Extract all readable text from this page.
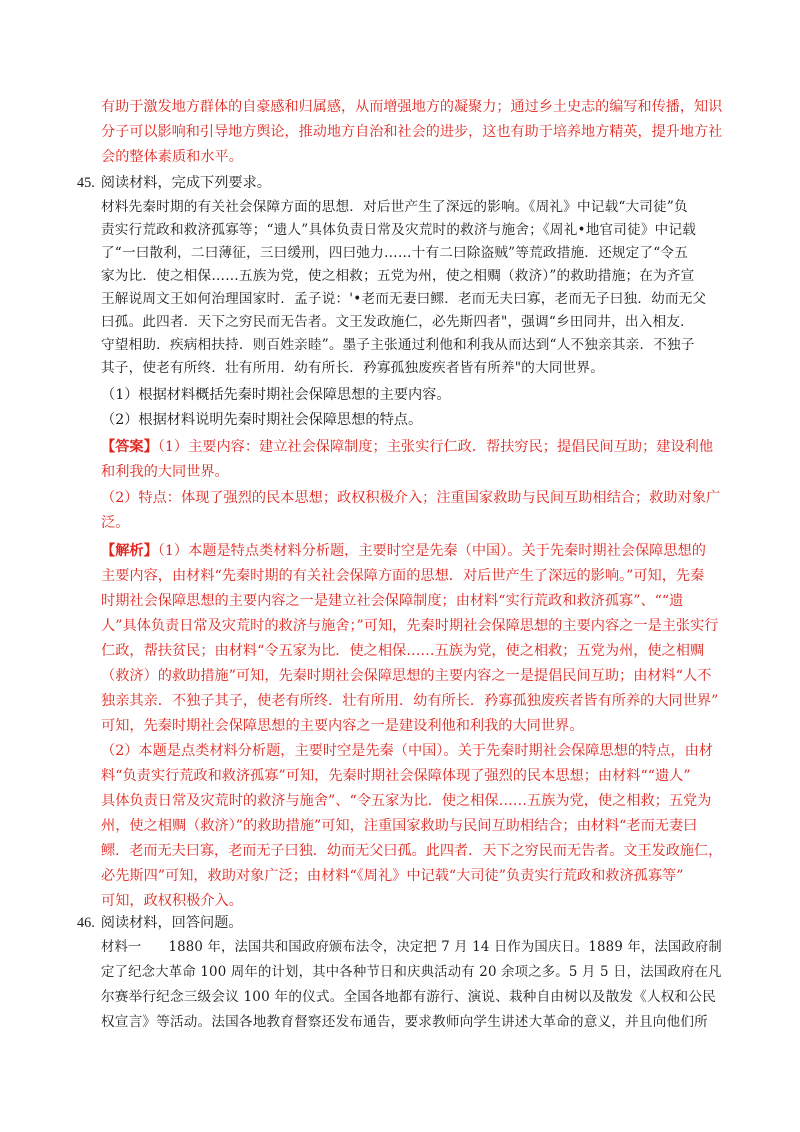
有助于激发地方群体的自豪感和归属感，从而增强地方的凝聚力；通过乡土史志的编写和传播，知识
分子可以影响和引导地方舆论，推动地方自治和社会的进步，这也有助于培养地方精英，提升地方社
会的整体素质和水平。
45. 阅读材料，完成下列要求。
材料先秦时期的有关社会保障方面的思想．对后世产生了深远的影响。《周礼》中记载“大司徒”负
责实行荒政和救济孤寡等；“遗人”具体负责日常及灾荒时的救济与施舍；《周礼•地官司徒》中记载
了“一曰散利，二曰薄征，三曰缓刑，四曰弛力……十有二曰除盗贼”等荒政措施．还规定了“令五
家为比．使之相保……五族为党，使之相救；五党为州，使之相赒（救济）”的救助措施；在为齐宣
王解说周文王如何治理国家时．孟子说：'•老而无妻曰鳏．老而无夫曰寡，老而无子曰独．幼而无父
曰孤。此四者．天下之穷民而无告者。文王发政施仁，必先斯四者"，强调“乡田同井，出入相友．
守望相助．疾病相扶持．则百姓亲睦”。墨子主张通过利他和利我从而达到“人不独亲其亲．不独子
其子，使老有所终．壮有所用．幼有所长．矜寡孤独废疾者皆有所养"的大同世界。
（1）根据材料概括先秦时期社会保障思想的主要内容。
（2）根据材料说明先秦时期社会保障思想的特点。
【答案】（1）主要内容：建立社会保障制度；主张实行仁政．帮扶穷民；提倡民间互助；建设利他
和利我的大同世界。
（2）特点：体现了强烈的民本思想；政权积极介入；注重国家救助与民间互助相结合；救助对象广
泛。
【解析】（1）本题是特点类材料分析题，主要时空是先秦（中国）。关于先秦时期社会保障思想的
主要内容，由材料“先秦时期的有关社会保障方面的思想．对后世产生了深远的影响。”可知，先秦
时期社会保障思想的主要内容之一是建立社会保障制度；由材料“实行荒政和救济孤寡”、““遗
人”具体负责日常及灾荒时的救济与施舍；”可知，先秦时期社会保障思想的主要内容之一是主张实行
仁政，帮扶贫民；由材料“令五家为比．使之相保……五族为党，使之相救；五党为州，使之相赒
（救济）的救助措施”可知，先秦时期社会保障思想的主要内容之一是提倡民间互助；由材料“人不
独亲其亲．不独子其子，使老有所终．壮有所用．幼有所长．矜寡孤独废疾者皆有所养的大同世界”
可知，先秦时期社会保障思想的主要内容之一是建设利他和利我的大同世界。
（2）本题是点类材料分析题，主要时空是先秦（中国）。关于先秦时期社会保障思想的特点，由材
料“负责实行荒政和救济孤寡”可知，先秦时期社会保障体现了强烈的民本思想；由材料““遗人”
具体负责日常及灾荒时的救济与施舍”、“令五家为比．使之相保……五族为党，使之相救；五党为
州，使之相赒（救济）”的救助措施”可知，注重国家救助与民间互助相结合；由材料“老而无妻曰
鳏．老而无夫曰寡，老而无子曰独．幼而无父曰孤。此四者．天下之穷民而无告者。文王发政施仁，
必先斯四”可知，救助对象广泛；由材料“《周礼》中记载“大司徒”负责实行荒政和救济孤寡等”
可知，政权积极介入。
46. 阅读材料，回答问题。
材料一　　1880 年，法国共和国政府颁布法令，决定把 7 月 14 日作为国庆日。1889 年，法国政府制
定了纪念大革命 100 周年的计划，其中各种节日和庆典活动有 20 余项之多。5 月 5 日，法国政府在凡
尔赛举行纪念三级会议 100 年的仪式。全国各地都有游行、演说、栽种自由树以及散发《人权和公民
权宣言》等活动。法国各地教育督察还发布通告，要求教师向学生讲述大革命的意义，并且向他们所
